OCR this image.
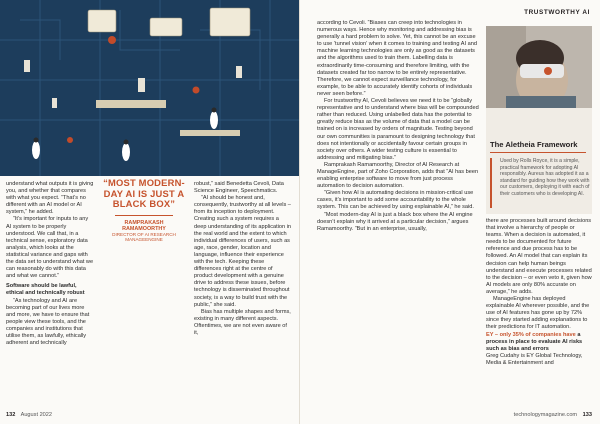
understand what outputs it is giving you, and whether that compares with what you expect. “That’s no different with an AI model or AI system,” he added.

“It’s important for inputs to any AI system to be properly understood. We call that, in a technical sense, exploratory data analysis, which looks at the statistical variance and gaps with the data set to understand what we can reasonably do with this data and what we cannot.”

Software should be lawful, ethical and technically robust

“As technology and AI are becoming part of our lives more and more, we have to ensure that people view these tools, and the companies and institutions that utilise them, as lawfully, ethically adherent and technically

“MOST MODERN-DAY AI IS JUST A BLACK BOX”
RAMPRAKASH RAMAMOORTHY
DIRECTOR OF AI RESEARCH MANAGEENGINE

robust,” said Benedetta Cevoli, Data Science Engineer, Speechmatics.

“AI should be honest and, consequently, trustworthy at all levels – from its inception to deployment. Creating such a system requires a deep understanding of its application in the real world and the extent to which individual differences of users, such as age, race, gender, location and language, influence their experience with the tech. Keeping these differences right at the centre of product development with a genuine drive to address these issues, before technology is disseminated throughout society, is a way to build trust with the public,” she said.

Bias has multiple shapes and forms, existing in many different aspects. Oftentimes, we are not even aware of it,

132 August 2022
TRUSTWORTHY AI

according to Cevoli. “Biases can creep into technologies in numerous ways. Hence why monitoring and addressing bias is generally a hard problem to solve. Yet, this cannot be an excuse to use ‘tunnel vision’ when it comes to training and testing AI and machine learning technologies are only as good as the datasets and the algorithms used to train them. Labelling data is extraordinarily time-consuming and therefore limiting, with the datasets created far too narrow to be entirely representative. Therefore, we cannot expect surveillance technology, for example, to be able to accurately identify cohorts of individuals never seen before.”

For trustworthy AI, Cevoli believes we need it to be “globally representative and to understand where bias will be compounded rather than reduced. Using unlabelled data has the potential to greatly reduce bias as the volume of data that a model can be trained on is increased by orders of magnitude. Testing beyond our own communities is paramount to designing technology that does not intentionally or accidentally favour certain groups in society over others. A wider testing culture is essential to addressing and mitigating bias.”

Ramprakash Ramamoorthy, Director of AI Research at ManageEngine, part of Zoho Corporation, adds that “AI has been enabling enterprise software to move from just process automation to decision automation.

“Given how AI is automating decisions in mission-critical use cases, it’s important to add some accountability to the whole system. This can be achieved by using explainable AI,” he said.

“Most modern-day AI is just a black box where the AI engine doesn’t explain why it arrived at a particular decision,” argues Ramamoorthy. “But in an enterprise, usually,

The Aletheia Framework
Used by Rolls Royce, it is a simple, practical framework for adopting AI responsibly. Aureus has adopted it as a standard for guiding how they work with our customers, deploying it with each of their customers who is developing AI.

there are processes built around decisions that involve a hierarchy of people or teams. When a decision is automated, it needs to be documented for future reference and due process has to be followed. An AI model that can explain its decision can help human beings understand and execute processes related to the decision – or even veto it, given how AI models are only 80% accurate on average,” he adds.

ManageEngine has deployed explainable AI wherever possible, and the use of AI features has gone up by 72% since they started adding explanations to their predictions for IT automation.

EY – only 35% of companies have a process in place to evaluate AI risks such as bias and errors

Greg Cudahy is EY Global Technology, Media & Entertainment and

technologymagazine.com 133
